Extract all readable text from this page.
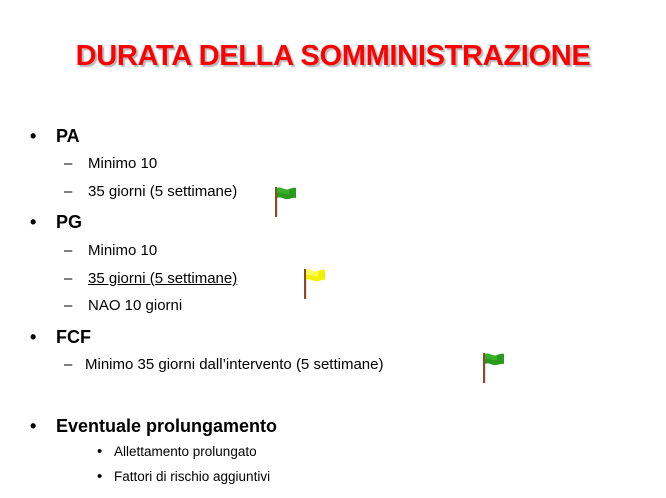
DURATA DELLA SOMMINISTRAZIONE
• PA
– Minimo 10
– 35 giorni (5 settimane)
• PG
– Minimo 10
– 35 giorni (5 settimane)
– NAO 10 giorni
• FCF
– Minimo 35 giorni dall’intervento (5 settimane)
• Eventuale prolungamento
• Allettamento prolungato
• Fattori di rischio aggiuntivi
